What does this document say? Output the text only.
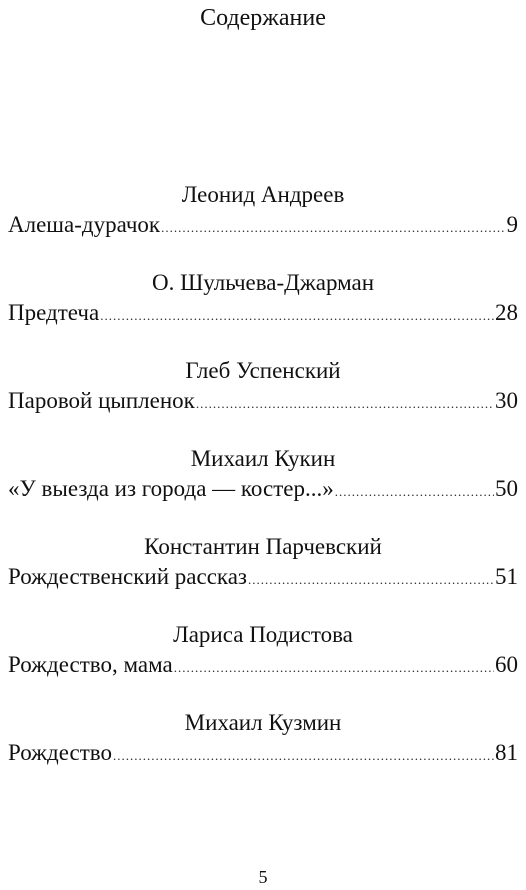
Содержание
Леонид Андреев
Алеша-дурачок .....	9
О. Шульчева-Джарман
Предтеча .....	28
Глеб Успенский
Паровой цыпленок .....	30
Михаил Кукин
«У выезда из города — костер...» .....	50
Константин Парчевский
Рождественский рассказ .....	51
Лариса Подистова
Рождество, мама .....	60
Михаил Кузмин
Рождество .....	81
5
